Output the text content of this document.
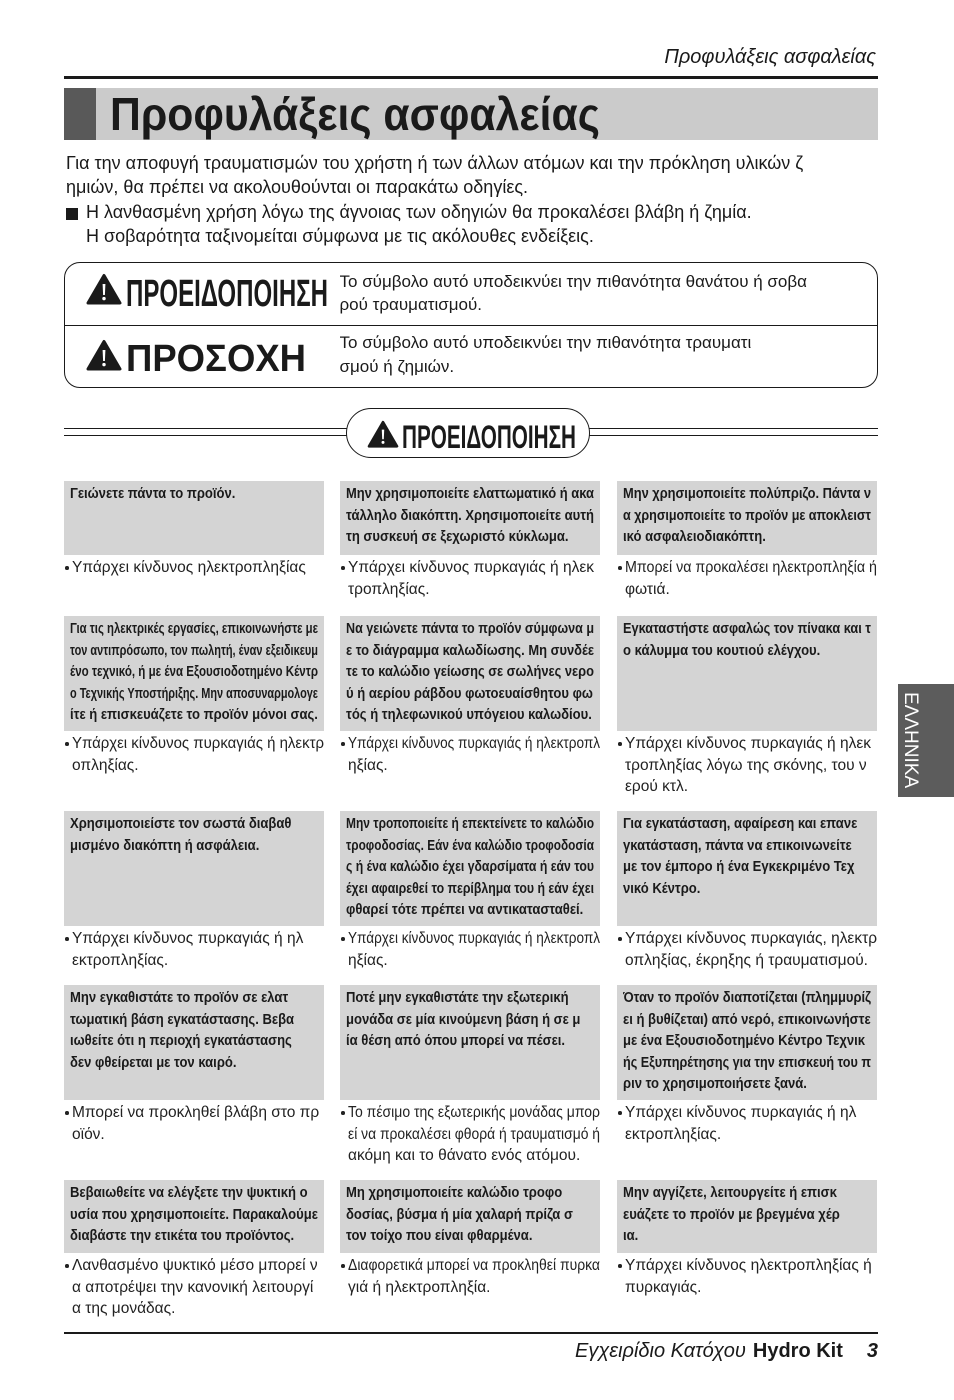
Προφυλάξεις ασφαλείας
Προφυλάξεις ασφαλείας
Για την αποφυγή τραυματισμών του χρήστη ή των άλλων ατόμων και την πρόκληση υλικών ζ
ημιών, θα πρέπει να ακολουθούνται οι παρακάτω οδηγίες.
Η λανθασμένη χρήση λόγω της άγνοιας των οδηγιών θα προκαλέσει βλάβη ή ζημία.
Η σοβαρότητα ταξινομείται σύμφωνα με τις ακόλουθες ενδείξεις.
ΠΡΟΕΙΔΟΠΟΙΗΣΗ Το σύμβολο αυτό υποδεικνύει την πιθανότητα θανάτου ή σοβα
ρού τραυματισμού.
ΠΡΟΣΟΧΗ Το σύμβολο αυτό υποδεικνύει την πιθανότητα τραυματι
σμού ή ζημιών.
ΠΡΟΕΙΔΟΠΟΙΗΣΗ
Γειώνετε πάντα το προϊόν.
Υπάρχει κίνδυνος ηλεκτροπληξίας
Μην χρησιμοποιείτε ελαττωματικό ή ακα
τάλληλο διακόπτη. Χρησιμοποιείτε αυτή
τη συσκευή σε ξεχωριστό κύκλωμα.
Υπάρχει κίνδυνος πυρκαγιάς ή ηλεκ
τροπληξίας.
Μην χρησιμοποιείτε πολύπριζο. Πάντα ν
α χρησιμοποιείτε το προϊόν με αποκλειστ
ικό ασφαλειοδιακόπτη.
Μπορεί να προκαλέσει ηλεκτροπληξία ή
φωτιά.
Για τις ηλεκτρικές εργασίες, επικοινωνήστε με
τον αντιπρόσωπο, τον πωλητή, έναν εξειδικευμ
ένο τεχνικό, ή με ένα Εξουσιοδοτημένο Κέντρ
ο Τεχνικής Υποστήριξης. Μην αποσυναρμολογε
ίτε ή επισκευάζετε το προϊόν μόνοι σας.
Υπάρχει κίνδυνος πυρκαγιάς ή ηλεκτρ
οπληξίας.
Να γειώνετε πάντα το προϊόν σύμφωνα μ
ε το διάγραμμα καλωδίωσης. Μη συνδέε
τε το καλώδιο γείωσης σε σωλήνες νερο
ύ ή αερίου ράβδου φωτοευαίσθητου φω
τός ή τηλεφωνικού υπόγειου καλωδίου.
Υπάρχει κίνδυνος πυρκαγιάς ή ηλεκτροπλ
ηξίας.
Εγκαταστήστε ασφαλώς τον πίνακα και τ
ο κάλυμμα του κουτιού ελέγχου.
Υπάρχει κίνδυνος πυρκαγιάς ή ηλεκ
τροπληξίας λόγω της σκόνης, του ν
ερού κτλ.
Χρησιμοποιείστε τον σωστά διαβαθ
μισμένο διακόπτη ή ασφάλεια.
Υπάρχει κίνδυνος πυρκαγιάς ή ηλ
εκτροπληξίας.
Μην τροποποιείτε ή επεκτείνετε το καλώδιο
τροφοδοσίας. Εάν ένα καλώδιο τροφοδοσία
ς ή ένα καλώδιο έχει γδαρσίματα ή εάν του
έχει αφαιρεθεί το περίβλημα του ή εάν έχει
φθαρεί τότε πρέπει να αντικατασταθεί.
Υπάρχει κίνδυνος πυρκαγιάς ή ηλεκτροπλ
ηξίας.
Για εγκατάσταση, αφαίρεση και επανε
γκατάσταση, πάντα να επικοινωνείτε
με τον έμπορο ή ένα Εγκεκριμένο Τεχ
νικό Κέντρο.
Υπάρχει κίνδυνος πυρκαγιάς, ηλεκτρ
οπληξίας, έκρηξης ή τραυματισμού.
Μην εγκαθιστάτε το προϊόν σε ελατ
τωματική βάση εγκατάστασης. Βεβα
ιωθείτε ότι η περιοχή εγκατάστασης
δεν φθείρεται με τον καιρό.
Μπορεί να προκληθεί βλάβη στο πρ
οϊόν.
Ποτέ μην εγκαθιστάτε την εξωτερική
μονάδα σε μία κινούμενη βάση ή σε μ
ία θέση από όπου μπορεί να πέσει.
Το πέσιμο της εξωτερικής μονάδας μπορ
εί να προκαλέσει φθορά ή τραυματισμό ή
ακόμη και το θάνατο ενός ατόμου.
Όταν το προϊόν διαποτίζεται (πλημμυρίζ
ει ή βυθίζεται) από νερό, επικοινωνήστε
με ένα Εξουσιοδοτημένο Κέντρο Τεχνικ
ής Εξυπηρέτησης για την επισκευή του π
ριν το χρησιμοποιήσετε ξανά.
Υπάρχει κίνδυνος πυρκαγιάς ή ηλ
εκτροπληξίας.
Βεβαιωθείτε να ελέγξετε την ψυκτική ο
υσία που χρησιμοποιείτε. Παρακαλούμε
διαβάστε την ετικέτα του προϊόντος.
Λανθασμένο ψυκτικό μέσο μπορεί ν
α αποτρέψει την κανονική λειτουργί
α της μονάδας.
Μη χρησιμοποιείτε καλώδιο τροφο
δοσίας, βύσμα ή μία χαλαρή πρίζα σ
τον τοίχο που είναι φθαρμένα.
Διαφορετικά μπορεί να προκληθεί πυρκα
γιά ή ηλεκτροπληξία.
Μην αγγίζετε, λειτουργείτε ή επισκ
ευάζετε το προϊόν με βρεγμένα χέρ
ια.
Υπάρχει κίνδυνος ηλεκτροπληξίας ή
πυρκαγιάς.
ΕΛΛΗΝΙΚΑ
Εγχειρίδιο Κατόχου Hydro Kit 3
